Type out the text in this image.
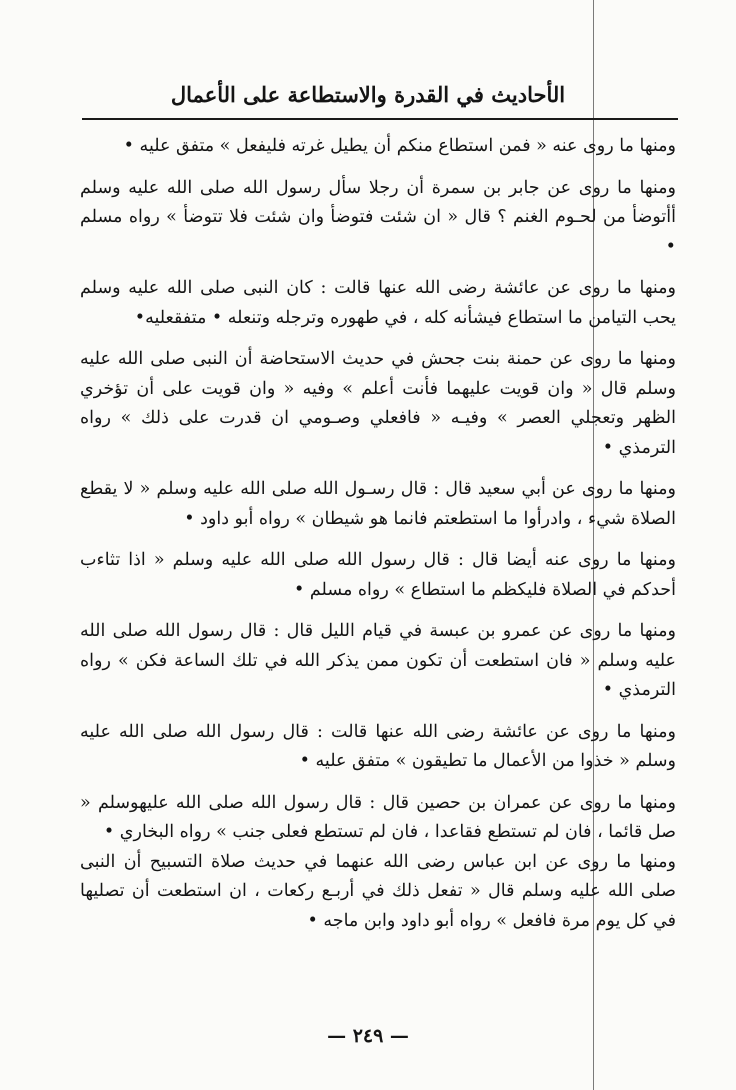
الأحاديث في القدرة والاستطاعة على الأعمال

ومنها ما روى عنه « فمن استطاع منكم أن يطيل غرته فليفعل » متفق عليه •

ومنها ما روى عن جابر بن سمرة أن رجلا سأل رسول الله صلى الله عليه وسلم أأتوضأ من لحـوم الغنم ؟ قال « ان شئت فتوضأ وان شئت فلا تتوضأ » رواه مسلم •

ومنها ما روى عن عائشة رضى الله عنها قالت : كان النبى صلى الله عليه وسلم يحب التيامن ما استطاع فيشأنه كله ، في طهوره وترجله وتنعله • متفقعليه•

ومنها ما روى عن حمنة بنت جحش في حديث الاستحاضة أن النبى صلى الله عليه وسلم قال « وان قويت عليهما فأنت أعلم » وفيه « وان قويت على أن تؤخري الظهر وتعجلي العصر » وفيـه « فافعلي وصـومي ان قدرت على ذلك » رواه الترمذي •

ومنها ما روى عن أبي سعيد قال : قال رسـول الله صلى الله عليه وسلم « لا يقطع الصلاة شيء ، وادرأوا ما استطعتم فانما هو شيطان » رواه أبو داود •

ومنها ما روى عنه أيضا قال : قال رسول الله صلى الله عليه وسلم « اذا تثاءب أحدكم في الصلاة فليكظم ما استطاع » رواه مسلم •

ومنها ما روى عن عمرو بن عبسة في قيام الليل قال : قال رسول الله صلى الله عليه وسلم « فان استطعت أن تكون ممن يذكر الله في تلك الساعة فكن » رواه الترمذي •

ومنها ما روى عن عائشة رضى الله عنها قالت : قال رسول الله صلى الله عليه وسلم « خذوا من الأعمال ما تطيقون » متفق عليه •

ومنها ما روى عن عمران بن حصين قال : قال رسول الله صلى الله عليهوسلم « صل قائما ، فان لم تستطع فقاعدا ، فان لم تستطع فعلى جنب » رواه البخاري •

ومنها ما روى عن ابن عباس رضى الله عنهما في حديث صلاة التسبيح أن النبى صلى الله عليه وسلم قال « تفعل ذلك في أربـع ركعات ، ان استطعت أن تصليها في كل يوم مرة فافعل » رواه أبو داود وابن ماجه •

— ٢٤٩ —
